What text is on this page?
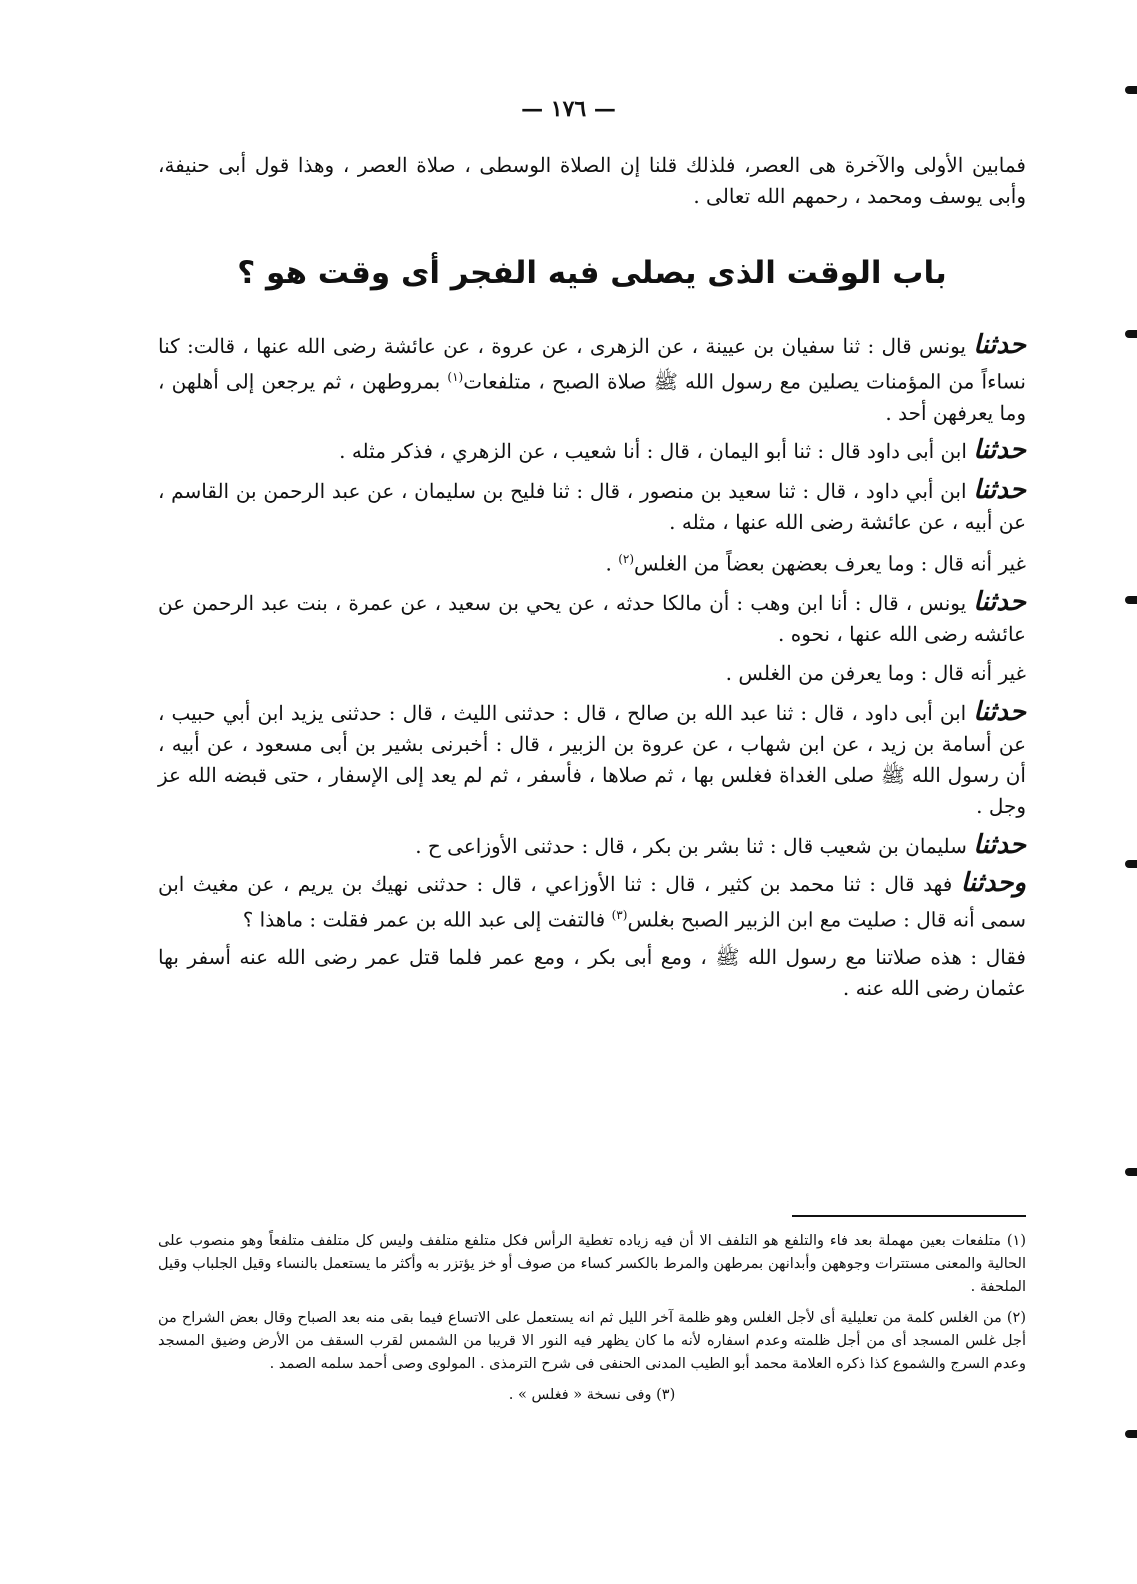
— ١٧٦ —
فمابين الأولى والآخرة هى العصر، فلذلك قلنا إن الصلاة الوسطى ، صلاة العصر ، وهذا قول أبى حنيفة، وأبى يوسف ومحمد ، رحمهم الله تعالى .
باب الوقت الذى يصلى فيه الفجر أى وقت هو ؟

حدثنا يونس قال : ثنا سفيان بن عيينة ، عن الزهرى ، عن عروة ، عن عائشة رضى الله عنها ، قالت: كنا نساءاً من المؤمنات يصلين مع رسول الله ﷺ صلاة الصبح ، متلفعات$^{(١)}$ بمروطهن ، ثم يرجعن إلى أهلهن ، وما يعرفهن أحد .

حدثنا ابن أبى داود قال : ثنا أبو اليمان ، قال : أنا شعيب ، عن الزهري ، فذكر مثله .

حدثنا ابن أبي داود ، قال : ثنا سعيد بن منصور ، قال : ثنا فليح بن سليمان ، عن عبد الرحمن بن القاسم ، عن أبيه ، عن عائشة رضى الله عنها ، مثله .

غير أنه قال : وما يعرف بعضهن بعضاً من الغلس$^{(٢)}$ .

حدثنا يونس ، قال : أنا ابن وهب : أن مالكا حدثه ، عن يحي بن سعيد ، عن عمرة ، بنت عبد الرحمن عن عائشه رضى الله عنها ، نحوه .

غير أنه قال : وما يعرفن من الغلس .

حدثنا ابن أبى داود ، قال : ثنا عبد الله بن صالح ، قال : حدثنى الليث ، قال : حدثنى يزيد ابن أبي حبيب ، عن أسامة بن زيد ، عن ابن شهاب ، عن عروة بن الزبير ، قال : أخبرنى بشير بن أبى مسعود ، عن أبيه ، أن رسول الله ﷺ صلى الغداة فغلس بها ، ثم صلاها ، فأسفر ، ثم لم يعد إلى الإسفار ، حتى قبضه الله عز وجل .

حدثنا سليمان بن شعيب قال : ثنا بشر بن بكر ، قال : حدثنى الأوزاعى ح .

وحدثنا فهد قال : ثنا محمد بن كثير ، قال : ثنا الأوزاعي ، قال : حدثنى نهيك بن يريم ، عن مغيث ابن سمى أنه قال : صليت مع ابن الزبير الصبح بغلس$^{(٣)}$ فالتفت إلى عبد الله بن عمر فقلت : ماهذا ؟

فقال : هذه صلاتنا مع رسول الله ﷺ ، ومع أبى بكر ، ومع عمر فلما قتل عمر رضى الله عنه أسفر بها عثمان رضى الله عنه .

(١) متلفعات بعين مهملة بعد فاء والتلفع هو التلفف الا أن فيه زياده تغطية الرأس فكل متلفع متلفف وليس كل متلفف متلفعاً وهو منصوب على الحالية والمعنى مستترات وجوههن وأبدانهن بمرطهن والمرط بالكسر كساء من صوف أو خز يؤتزر به وأكثر ما يستعمل بالنساء وقيل الجلباب وقيل الملحفة .

(٢) من الغلس كلمة من تعليلية أى لأجل الغلس وهو ظلمة آخر الليل ثم انه يستعمل على الاتساع فيما بقى منه بعد الصباح وقال بعض الشراح من أجل غلس المسجد أى من أجل ظلمته وعدم اسفاره لأنه ما كان يظهر فيه النور الا قريبا من الشمس لقرب السقف من الأرض وضيق المسجد وعدم السرج والشموع كذا ذكره العلامة محمد أبو الطيب المدنى الحنفى فى شرح الترمذى . المولوى وصى أحمد سلمه الصمد .

(٣) وفى نسخة « فغلس » .
